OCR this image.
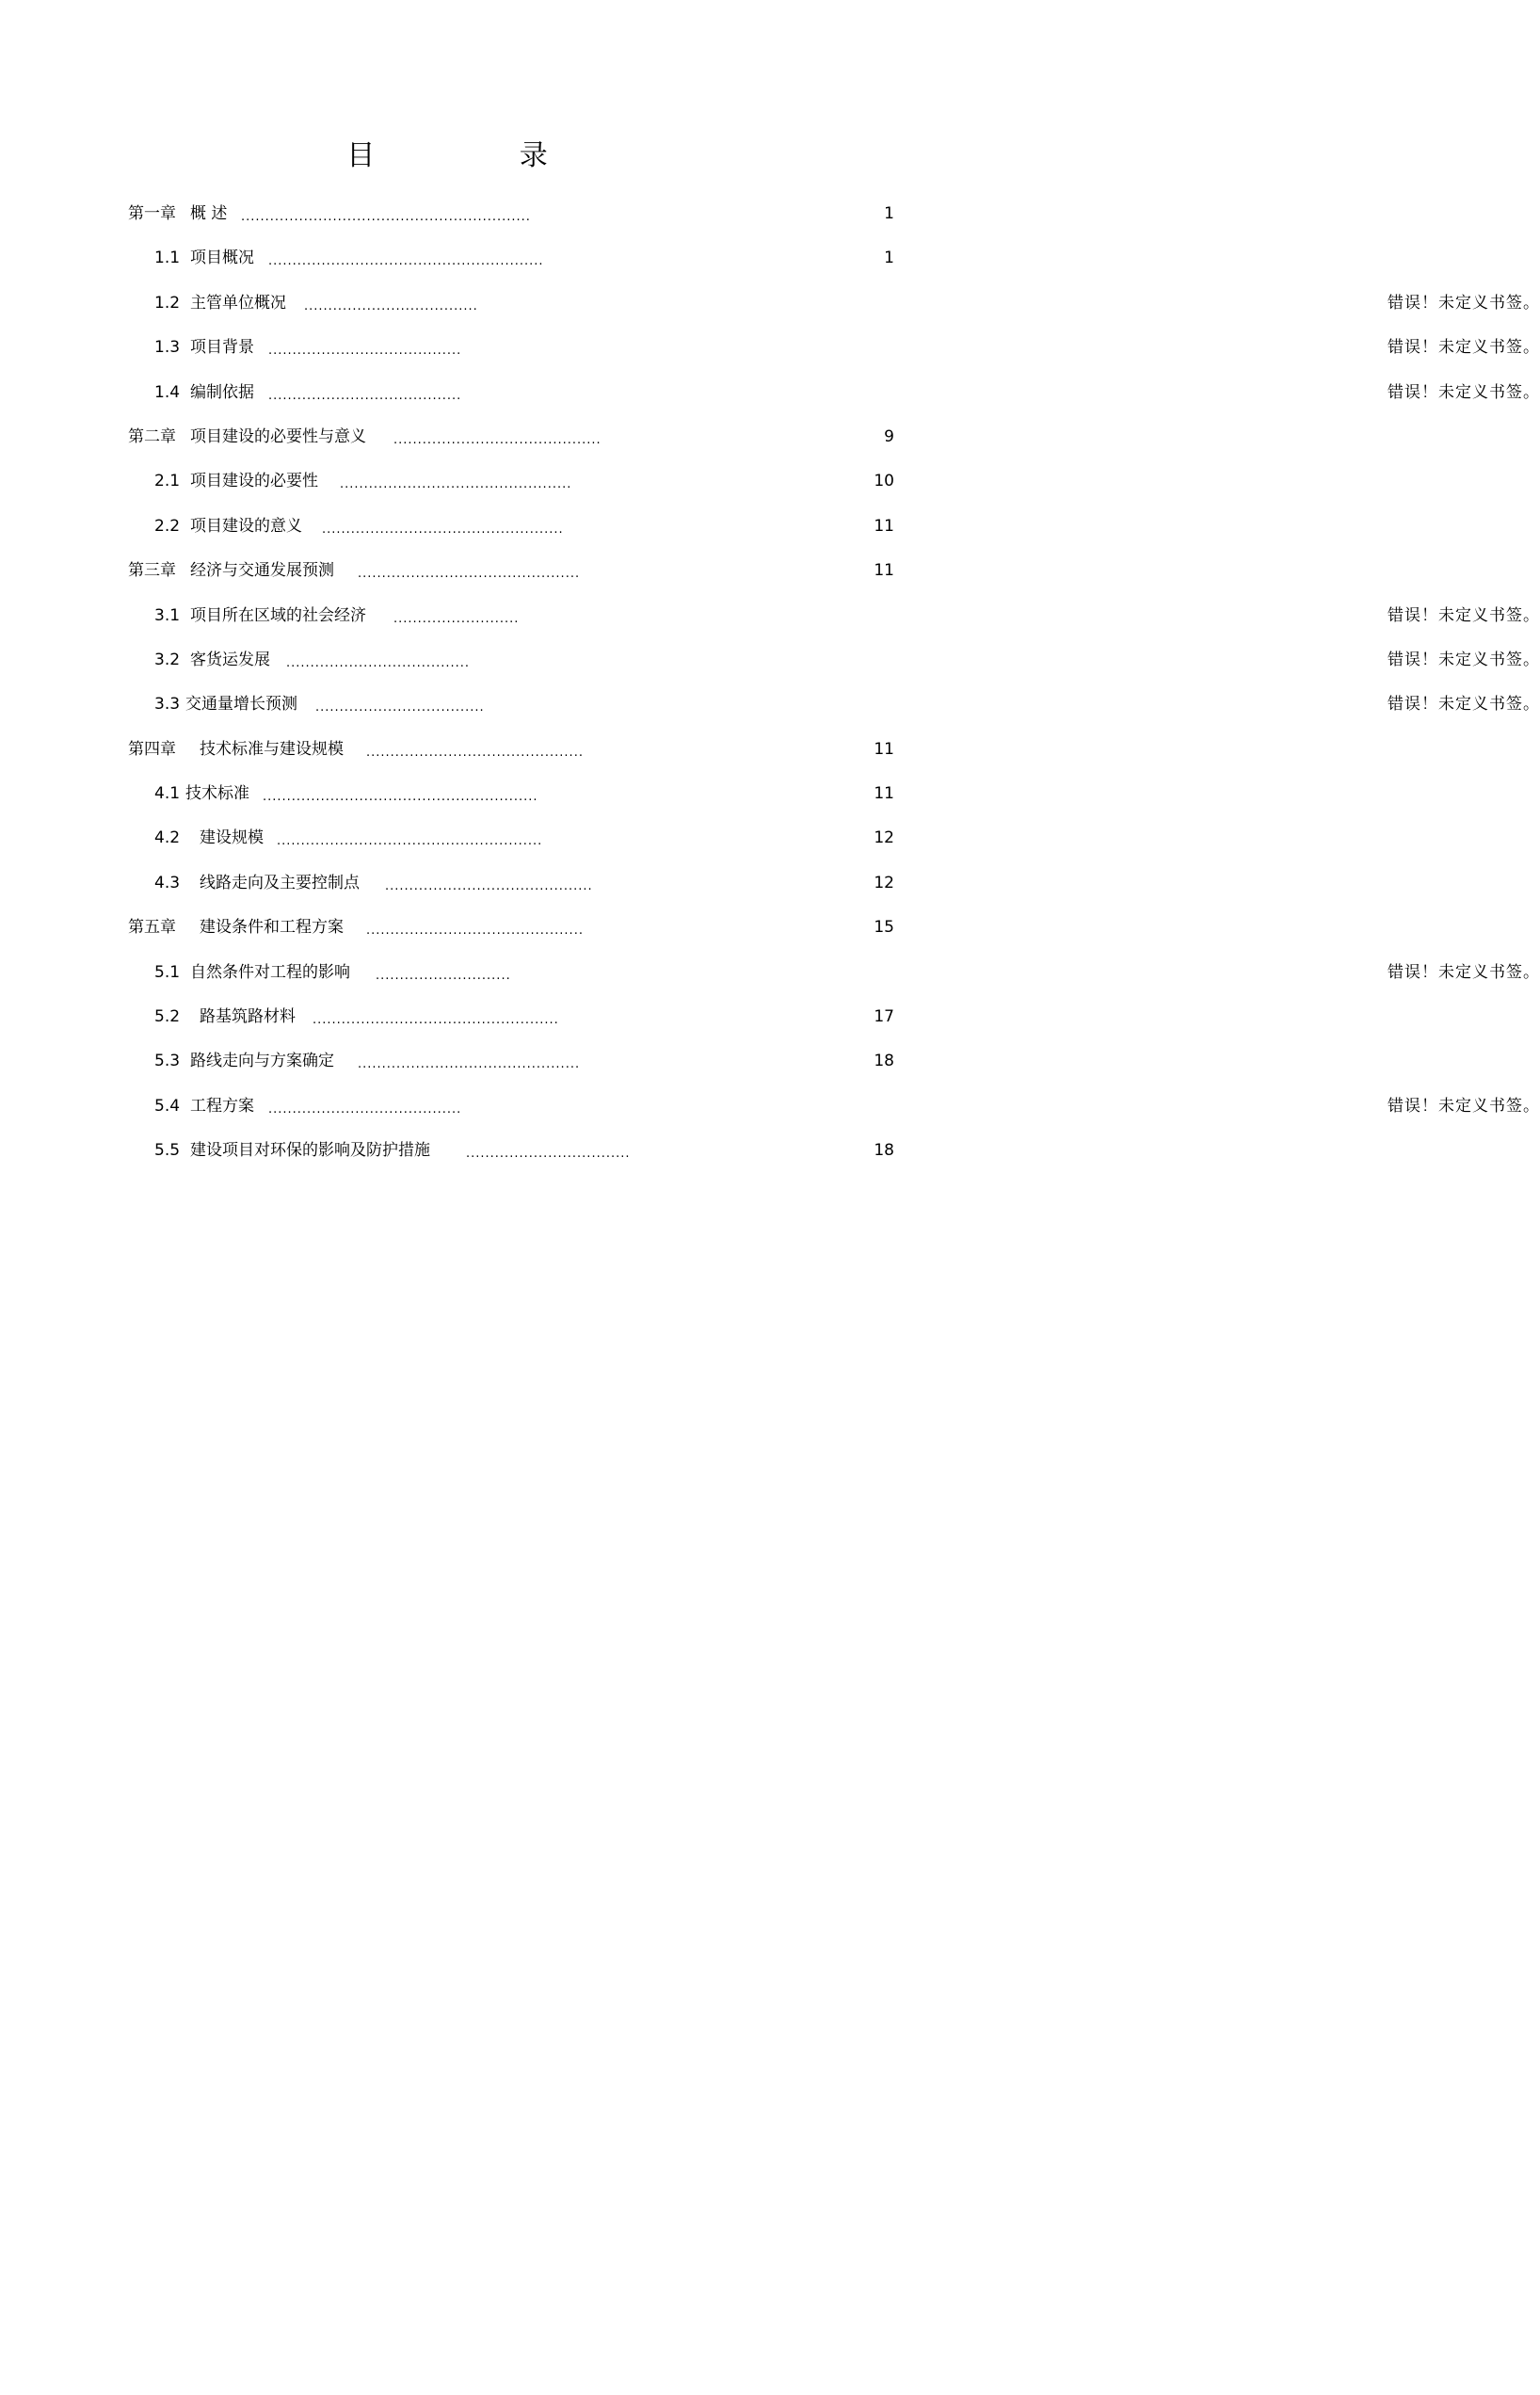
目 录
第一章 概 述 ............................................................	1
1.1 项目概况 .........................................................	1
1.2 主管单位概况 ....................................	错误！未定义书签。
1.3 项目背景 ........................................	错误！未定义书签。
1.4 编制依据 ........................................	错误！未定义书签。
第二章 项目建设的必要性与意义 ...........................................	9
2.1 项目建设的必要性 ................................................	10
2.2 项目建设的意义 ..................................................	11
第三章 经济与交通发展预测 ..............................................	11
3.1 项目所在区域的社会经济 ..........................	错误！未定义书签。
3.2 客货运发展 ......................................	错误！未定义书签。
3.3 交通量增长预测 ...................................	错误！未定义书签。
第四章 技术标准与建设规模 .............................................	11
4.1 技术标准 .........................................................	11
4.2 建设规模 .......................................................	12
4.3 线路走向及主要控制点 ...........................................	12
第五章 建设条件和工程方案 .............................................	15
5.1 自然条件对工程的影响 ............................	错误！未定义书签。
5.2 路基筑路材料 ...................................................	17
5.3 路线走向与方案确定 ..............................................	18
5.4 工程方案 ........................................	错误！未定义书签。
5.5 建设项目对环保的影响及防护措施	..................................	18
